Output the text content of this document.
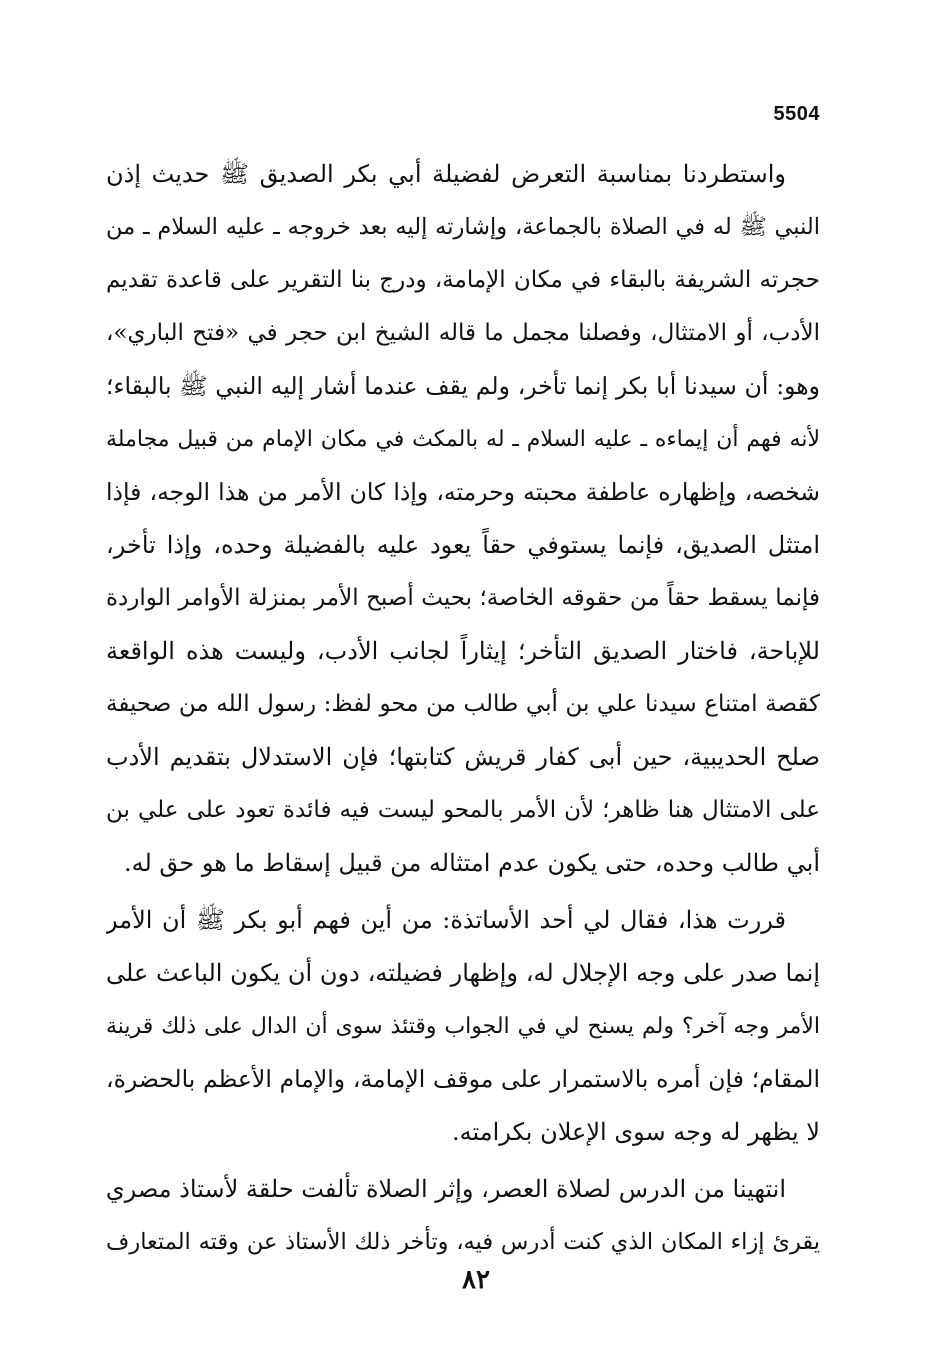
5504
واستطردنا بمناسبة التعرض لفضيلة أبي بكر الصديق ﷺ حديث إذن
النبي ﷺ له في الصلاة بالجماعة، وإشارته إليه بعد خروجه ـ عليه السلام ـ من
حجرته الشريفة بالبقاء في مكان الإمامة، ودرج بنا التقرير على قاعدة تقديم
الأدب، أو الامتثال، وفصلنا مجمل ما قاله الشيخ ابن حجر في «فتح الباري»،
وهو: أن سيدنا أبا بكر إنما تأخر، ولم يقف عندما أشار إليه النبي ﷺ بالبقاء؛
لأنه فهم أن إيماءه ـ عليه السلام ـ له بالمكث في مكان الإمام من قبيل مجاملة
شخصه، وإظهاره عاطفة محبته وحرمته، وإذا كان الأمر من هذا الوجه، فإذا
امتثل الصديق، فإنما يستوفي حقاً يعود عليه بالفضيلة وحده، وإذا تأخر،
فإنما يسقط حقاً من حقوقه الخاصة؛ بحيث أصبح الأمر بمنزلة الأوامر الواردة
للإباحة، فاختار الصديق التأخر؛ إيثاراً لجانب الأدب، وليست هذه الواقعة
كقصة امتناع سيدنا علي بن أبي طالب من محو لفظ: رسول الله من صحيفة
صلح الحديبية، حين أبى كفار قريش كتابتها؛ فإن الاستدلال بتقديم الأدب
على الامتثال هنا ظاهر؛ لأن الأمر بالمحو ليست فيه فائدة تعود على علي بن
أبي طالب وحده، حتى يكون عدم امتثاله من قبيل إسقاط ما هو حق له.
قررت هذا، فقال لي أحد الأساتذة: من أين فهم أبو بكر ﷺ أن الأمر
إنما صدر على وجه الإجلال له، وإظهار فضيلته، دون أن يكون الباعث على
الأمر وجه آخر؟ ولم يسنح لي في الجواب وقتئذ سوى أن الدال على ذلك قرينة
المقام؛ فإن أمره بالاستمرار على موقف الإمامة، والإمام الأعظم بالحضرة،
لا يظهر له وجه سوى الإعلان بكرامته.
انتهينا من الدرس لصلاة العصر، وإثر الصلاة تألفت حلقة لأستاذ مصري
يقرئ إزاء المكان الذي كنت أدرس فيه، وتأخر ذلك الأستاذ عن وقته المتعارف
٨٢
